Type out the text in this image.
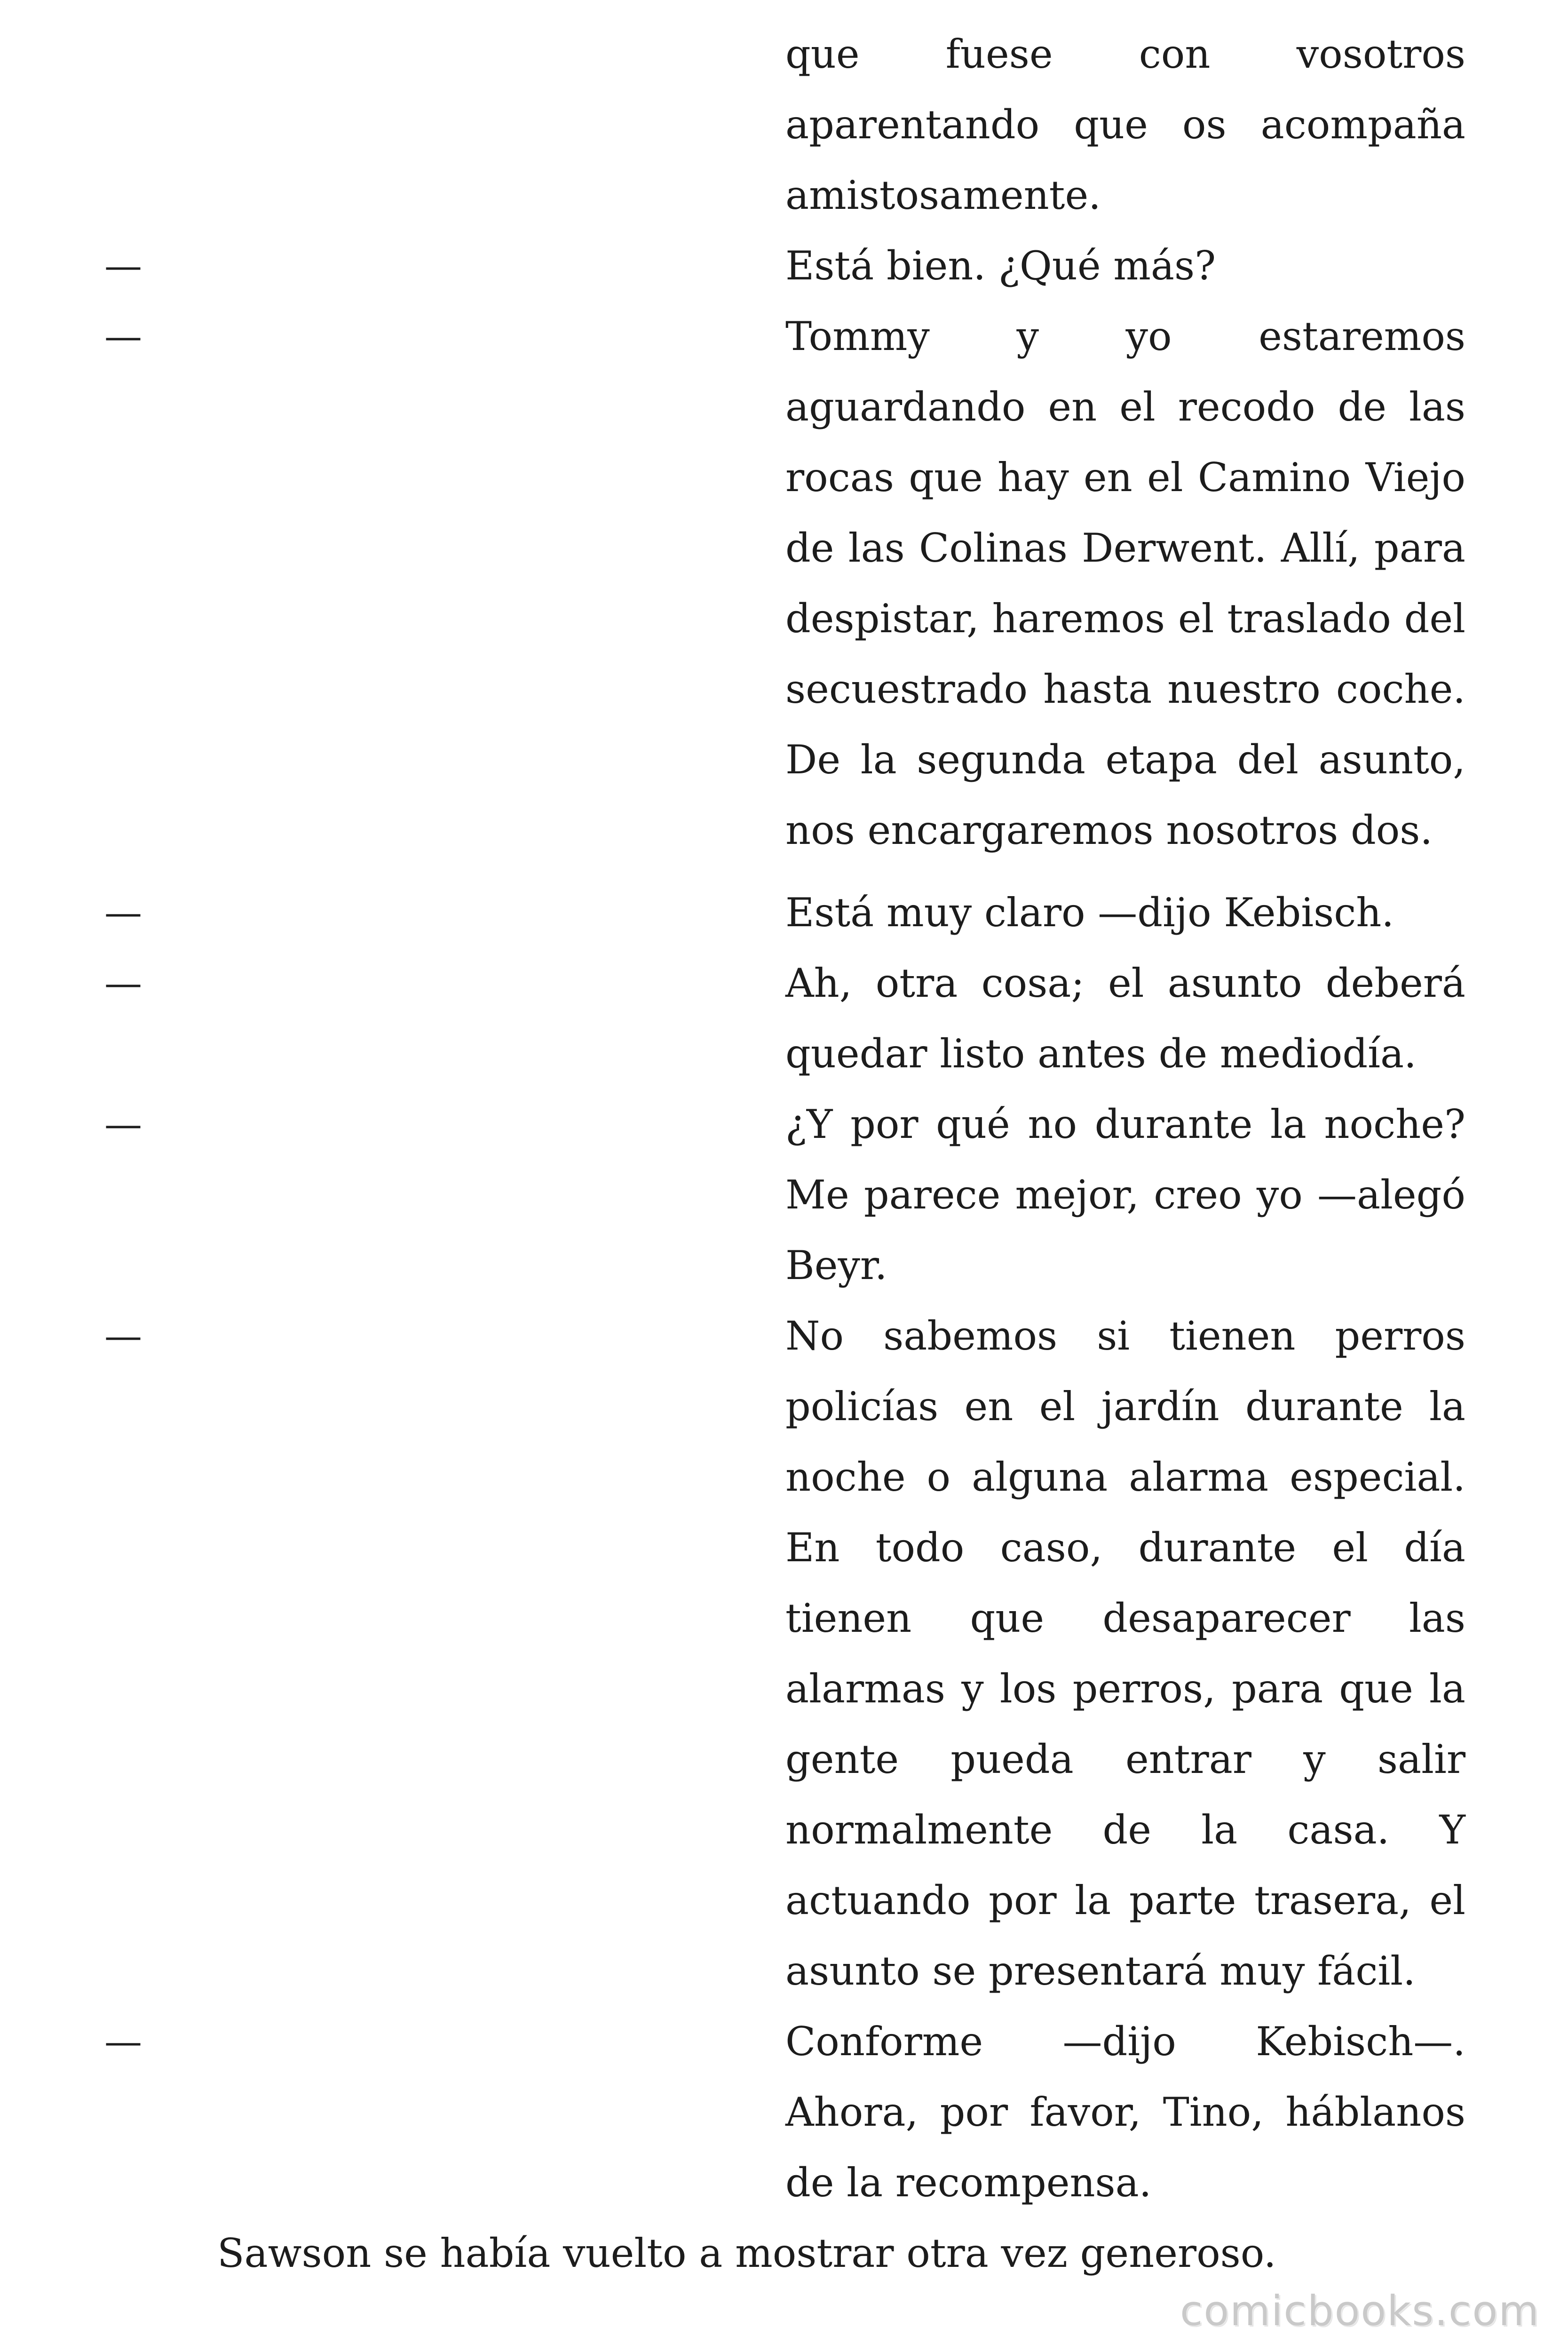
que fuese con vosotros aparentando que os acompaña amistosamente.
—	Está bien. ¿Qué más?
—	Tommy y yo estaremos aguardando en el recodo de las rocas que hay en el Camino Viejo de las Colinas Derwent. Allí, para despistar, haremos el traslado del secuestrado hasta nuestro coche. De la segunda etapa del asunto, nos encargaremos nosotros dos.
—	Está muy claro —dijo Kebisch.
—	Ah, otra cosa; el asunto deberá quedar listo antes de mediodía.
—	¿Y por qué no durante la noche? Me parece mejor, creo yo —alegó Beyr.
—	No sabemos si tienen perros policías en el jardín durante la noche o alguna alarma especial. En todo caso, durante el día tienen que desaparecer las alarmas y los perros, para que la gente pueda entrar y salir normalmente de la casa. Y actuando por la parte trasera, el asunto se presentará muy fácil.
—	Conforme —dijo Kebisch—. Ahora, por favor, Tino, háblanos de la recompensa.
Sawson se había vuelto a mostrar otra vez generoso.
comicbooks.com
